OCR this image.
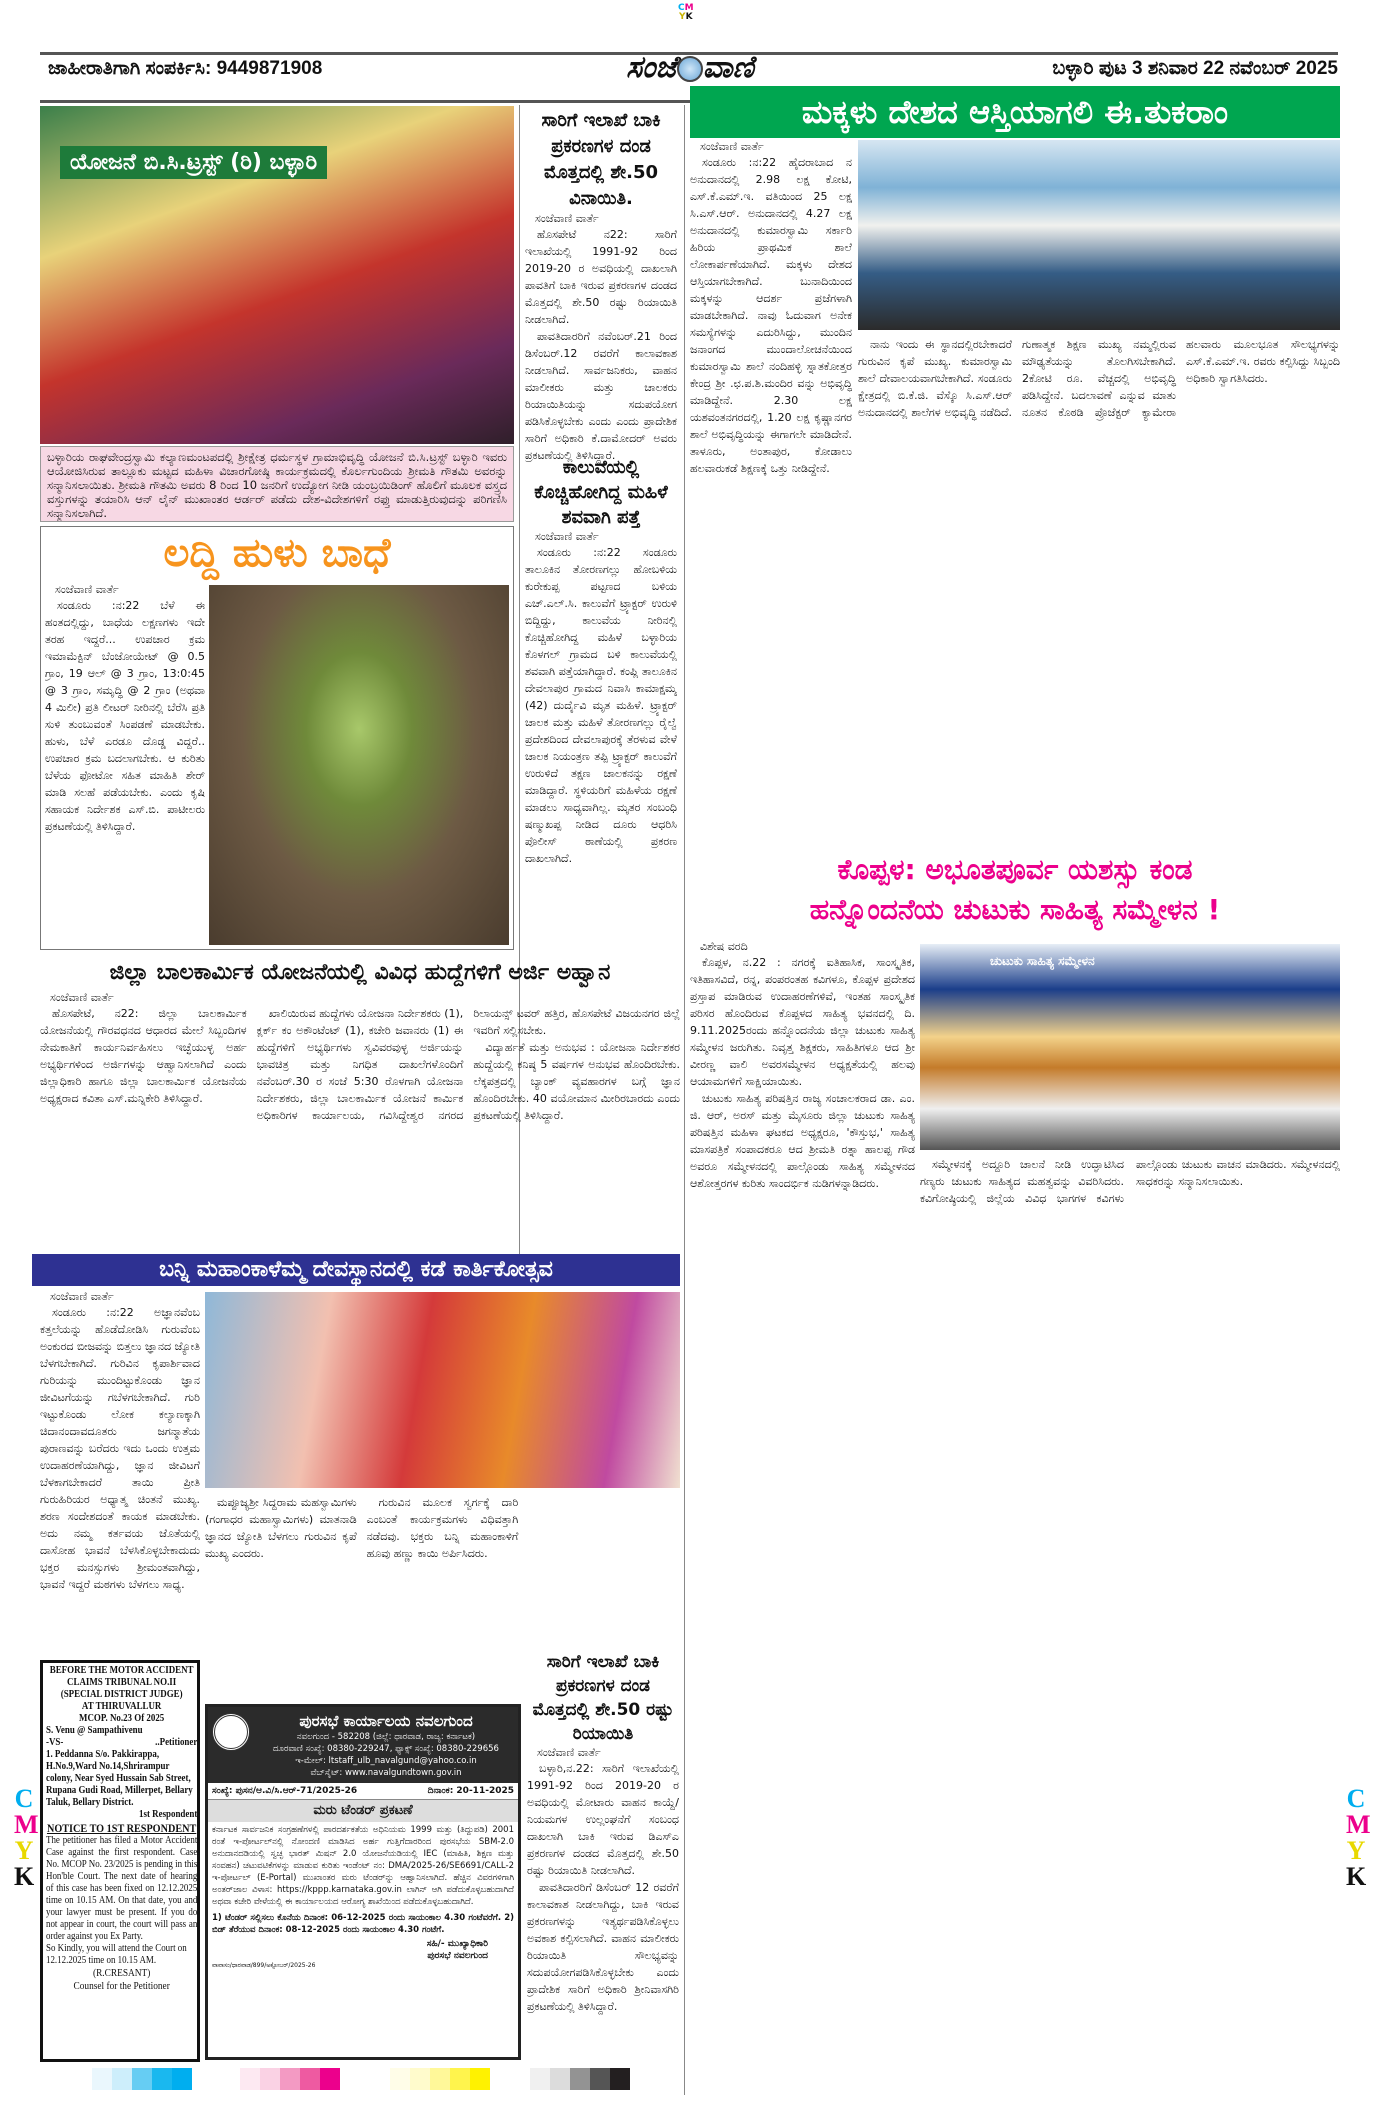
CM
YK
C
M
Y
K
C
M
Y
K
ಜಾಹೀರಾತಿಗಾಗಿ ಸಂಪರ್ಕಿಸಿ: 9449871908	ಸಂಜೆ ವಾಣಿ	ಬಳ್ಳಾರಿ ಪುಟ 3 ಶನಿವಾರ 22 ನವೆಂಬರ್ 2025
ಯೋಜನೆ ಬಿ.ಸಿ.ಟ್ರಸ್ಟ್ (ರಿ) ಬಳ್ಳಾರಿ
ಬಳ್ಳಾರಿಯ ರಾಘವೇಂದ್ರಸ್ವಾಮಿ ಕಲ್ಯಾಣಮಂಟಪದಲ್ಲಿ ಶ್ರೀಕ್ಷೇತ್ರ ಧರ್ಮಸ್ಥಳ ಗ್ರಾಮಾಭಿವೃದ್ಧಿ ಯೋಜನೆ ಬಿ.ಸಿ.ಟ್ರಸ್ಟ್ ಬಳ್ಳಾರಿ ಇವರು ಆಯೋಜಿಸಿರುವ ತಾಲ್ಲೂಕು ಮಟ್ಟದ ಮಹಿಳಾ ವಿಚಾರಗೋಷ್ಠಿ ಕಾರ್ಯಕ್ರಮದಲ್ಲಿ ಕೊರ್ಲಗುಂದಿಯ ಶ್ರೀಮತಿ ಗೌತಮಿ ಅವರನ್ನು ಸನ್ಮಾನಿಸಲಾಯಿತು. ಶ್ರೀಮತಿ ಗೌತಮಿ ಅವರು 8 ರಿಂದ 10 ಜನರಿಗೆ ಉದ್ಯೋಗ ನೀಡಿ ಯಂಬ್ರಯಿಡಿಂಗ್ ಹೊಲಿಗೆ ಮೂಲಕ ವಸ್ತ್ರದ ವಸ್ತುಗಳನ್ನು ತಯಾರಿಸಿ ಆನ್ ಲೈನ್ ಮುಖಾಂತರ ಆರ್ಡರ್ ಪಡೆದು ದೇಶ-ವಿದೇಶಗಳಿಗೆ ರಫ್ತು ಮಾಡುತ್ತಿರುವುದನ್ನು ಪರಿಗಣಿಸಿ ಸನ್ಮಾನಿಸಲಾಗಿದೆ.
ಸಾರಿಗೆ ಇಲಾಖೆ ಬಾಕಿ ಪ್ರಕರಣಗಳ ದಂಡ ಮೊತ್ತದಲ್ಲಿ ಶೇ.50 ವಿನಾಯಿತಿ.
ಸಂಜೆವಾಣಿ ವಾರ್ತೆ

ಹೊಸಪೇಟೆ ನ22: ಸಾರಿಗೆ ಇಲಾಖೆಯಲ್ಲಿ 1991-92 ರಿಂದ 2019-20 ರ ಅವಧಿಯಲ್ಲಿ ದಾಖಲಾಗಿ ಪಾವತಿಗೆ ಬಾಕಿ ಇರುವ ಪ್ರಕರಣಗಳ ದಂಡದ ಮೊತ್ತದಲ್ಲಿ ಶೇ.50 ರಷ್ಟು ರಿಯಾಯಿತಿ ನೀಡಲಾಗಿದೆ.

ಪಾವತಿದಾರರಿಗೆ ನವೆಂಬರ್.21 ರಿಂದ ಡಿಸೆಂಬರ್.12 ರವರೆಗೆ ಕಾಲಾವಕಾಶ ನೀಡಲಾಗಿದೆ. ಸಾರ್ವಜನಿಕರು, ವಾಹನ ಮಾಲೀಕರು ಮತ್ತು ಚಾಲಕರು ರಿಯಾಯಿತಿಯನ್ನು ಸದುಪಯೋಗ ಪಡಿಸಿಕೊಳ್ಳಬೇಕು ಎಂದು ಎಂದು ಪ್ರಾದೇಶಿಕ ಸಾರಿಗೆ ಅಧಿಕಾರಿ ಕೆ.ದಾಮೋದರ್ ಅವರು ಪ್ರಕಟಣೆಯಲ್ಲಿ ತಿಳಿಸಿದ್ದಾರೆ.

ಕಾಲುವೆಯಲ್ಲಿ ಕೊಚ್ಚಿಹೋಗಿದ್ದ ಮಹಿಳೆ ಶವವಾಗಿ ಪತ್ತೆ
ಸಂಜೆವಾಣಿ ವಾರ್ತೆ

ಸಂಡೂರು :ನ:22 ಸಂಡೂರು ತಾಲೂಕಿನ ತೋರಣಗಲ್ಲು ಹೋಬಳಿಯ ಕುರೇಕುಪ್ಪ ಪಟ್ಟಣದ ಬಳಿಯ ಎಚ್.ಎಲ್.ಸಿ. ಕಾಲುವೆಗೆ ಟ್ರ್ಯಾಕ್ಟರ್ ಉರುಳಿ ಬಿದ್ದಿದ್ದು, ಕಾಲುವೆಯ ನೀರಿನಲ್ಲಿ ಕೊಚ್ಚಿಹೋಗಿದ್ದ ಮಹಿಳೆ ಬಳ್ಳಾರಿಯ ಕೊಳಗಲ್ ಗ್ರಾಮದ ಬಳಿ ಕಾಲುವೆಯಲ್ಲಿ ಶವವಾಗಿ ಪತ್ತೆಯಾಗಿದ್ದಾರೆ. ಕಂಪ್ಲಿ ತಾಲೂಕಿನ ದೇವಲಾಪುರ ಗ್ರಾಮದ ನಿವಾಸಿ ಕಾಮಾಕ್ಷಮ್ಮ (42) ದುರ್ದೈವಿ ಮೃತ ಮಹಿಳೆ. ಟ್ರ್ಯಾಕ್ಟರ್ ಚಾಲಕ ಮತ್ತು ಮಹಿಳೆ ತೋರಣಗಲ್ಲು ರೈಲ್ವೆ ಪ್ರದೇಶದಿಂದ ದೇವಲಾಪುರಕ್ಕೆ ತೆರಳುವ ವೇಳೆ ಚಾಲಕ ನಿಯಂತ್ರಣ ತಪ್ಪಿ ಟ್ರ್ಯಾಕ್ಟರ್ ಕಾಲುವೆಗೆ ಉರುಳಿದೆ ತಕ್ಷಣ ಚಾಲಕನನ್ನು ರಕ್ಷಣೆ ಮಾಡಿದ್ದಾರೆ. ಸ್ಥಳಿಯರಿಗೆ ಮಹಿಳೆಯ ರಕ್ಷಣೆ ಮಾಡಲು ಸಾಧ್ಯವಾಗಿಲ್ಲ. ಮೃತರ ಸಂಬಂಧಿ ಷಣ್ಮುಖಪ್ಪ ನೀಡಿದ ದೂರು ಆಧರಿಸಿ ಪೊಲೀಸ್ ಠಾಣೆಯಲ್ಲಿ ಪ್ರಕರಣ ದಾಖಲಾಗಿದೆ.

ಮಕ್ಕಳು ದೇಶದ ಆಸ್ತಿಯಾಗಲಿ ಈ.ತುಕರಾಂ
ಸಂಜೆವಾಣಿ ವಾರ್ತೆ

ಸಂಡೂರು :ನ:22 ಹೈದರಾಬಾದ ನ ಅನುದಾನದಲ್ಲಿ 2.98 ಲಕ್ಷ ಕೋಟಿ, ಎಸ್.ಕೆ.ಎಮ್.ಇ. ವತಿಯಿಂದ 25 ಲಕ್ಷ ಸಿ.ಎಸ್.ಆರ್. ಅನುದಾನದಲ್ಲಿ 4.27 ಲಕ್ಷ ಅನುದಾನದಲ್ಲಿ ಕುಮಾರಸ್ವಾಮಿ ಸರ್ಕಾರಿ ಹಿರಿಯ ಪ್ರಾಥಮಿಕ ಶಾಲೆ ಲೋಕಾರ್ಪಣೆಯಾಗಿದೆ. ಮಕ್ಕಳು ದೇಶದ ಆಸ್ತಿಯಾಗಬೇಕಾಗಿದೆ. ಬುನಾದಿಯಿಂದ ಮಕ್ಕಳನ್ನು ಆದರ್ಶ ಪ್ರಜೆಗಳಾಗಿ ಮಾಡಬೇಕಾಗಿದೆ. ನಾವು ಓದುವಾಗ ಅನೇಕ ಸಮಸ್ಯೆಗಳನ್ನು ಎದುರಿಸಿದ್ದು, ಮುಂದಿನ ಜನಾಂಗದ ಮುಂದಾಲೋಚನೆಯಿಂದ ಕುಮಾರಸ್ವಾಮಿ ಶಾಲೆ ನಂದಿಹಳ್ಳಿ ಸ್ನಾತಕೋತ್ತರ ಕೇಂದ್ರ ಶ್ರೀ .ಛ.ಪ.ಶಿ.ಮಂದಿರ ವನ್ನು ಅಭಿವೃದ್ಧಿ ಮಾಡಿದ್ದೇನೆ. 2.30 ಲಕ್ಷ ಯಶವಂತನಗರದಲ್ಲಿ, 1.20 ಲಕ್ಷ ಕೃಷ್ಣಾನಗರ ಶಾಲೆ ಅಭಿವೃದ್ಧಿಯನ್ನು ಈಗಾಗಲೇ ಮಾಡಿದೇನೆ. ತಾಳೂರು, ಅಂತಾಪುರ, ಕೋಡಾಲು ಹಲವಾರುಕಡೆ ಶಿಕ್ಷಣಕ್ಕೆ ಒತ್ತು ನೀಡಿದ್ದೇನೆ.

ನಾನು ಇಂದು ಈ ಸ್ಥಾನದಲ್ಲಿರಬೇಕಾದರೆ ಗುರುವಿನ ಕೃಪೆ ಮುಖ್ಯ. ಕುಮಾರಸ್ವಾಮಿ ಶಾಲೆ ದೇವಾಲಯವಾಗಬೇಕಾಗಿದೆ. ಸಂಡೂರು ಕ್ಷೇತ್ರದಲ್ಲಿ ಬಿ.ಕೆ.ಜಿ. ವೆಸ್ಕೊ ಸಿ.ಎಸ್.ಆರ್ ಅನುದಾನದಲ್ಲಿ ಶಾಲೆಗಳ ಅಭಿವೃದ್ಧಿ ನಡೆದಿದೆ. ಗುಣಾತ್ಮಕ ಶಿಕ್ಷಣ ಮುಖ್ಯ ನಮ್ಮಲ್ಲಿರುವ ಮೌಢ್ಯತೆಯನ್ನು ತೊಲಗಿಸಬೇಕಾಗಿದೆ. 2ಕೋಟಿ ರೂ. ವೆಚ್ಚದಲ್ಲಿ ಅಭಿವೃದ್ಧಿ ಪಡಿಸಿದ್ದೇನೆ. ಬದಲಾವಣೆ ಎನ್ನುವ ಮಾತು ನೂತನ ಕೊಠಡಿ ಪ್ರೊಜೆಕ್ಟರ್ ಕ್ಯಾಮೇರಾ ಹಲವಾರು ಮೂಲಭೂತ ಸೌಲಭ್ಯಗಳನ್ನು ಎಸ್.ಕೆ.ಎಮ್.ಇ. ರವರು ಕಲ್ಪಿಸಿದ್ದು ಸಿಬ್ಬಂದಿ ಅಧಿಕಾರಿ ಸ್ವಾಗತಿಸಿದರು.

ಕೊಪ್ಪಳ: ಅಭೂತಪೂರ್ವ ಯಶಸ್ಸು ಕಂಡ
ಹನ್ನೊಂದನೆಯ ಚುಟುಕು ಸಾಹಿತ್ಯ ಸಮ್ಮೇಳನ !
ವಿಶೇಷ ವರದಿ

ಕೊಪ್ಪಳ, ನ.22 : ನಗರಕ್ಕೆ ಐತಿಹಾಸಿಕ, ಸಾಂಸ್ಕೃತಿಕ, ಇತಿಹಾಸವಿದೆ, ರನ್ನ, ಪಂಪರಂತಹ ಕವಿಗಳೂ, ಕೊಪ್ಪಳ ಪ್ರದೇಶದ ಪ್ರಸ್ತಾಪ ಮಾಡಿರುವ ಉದಾಹರಣೆಗಳಿವೆ, ಇಂತಹ ಸಾಂಸ್ಕೃತಿಕ ಪರಿಸರ ಹೊಂದಿರುವ ಕೊಪ್ಪಳದ ಸಾಹಿತ್ಯ ಭವನದಲ್ಲಿ ದಿ. 9.11.2025ರಂದು ಹನ್ನೊಂದನೆಯ ಜಿಲ್ಲಾ ಚುಟುಕು ಸಾಹಿತ್ಯ ಸಮ್ಮೇಳನ ಜರುಗಿತು. ನಿವೃತ್ತ ಶಿಕ್ಷಕರು, ಸಾಹಿತಿಗಳೂ ಆದ ಶ್ರೀ ವೀರಣ್ಣ ವಾಲಿ ಅವರಸಮ್ಮೇಳನ ಅಧ್ಯಕ್ಷತೆಯಲ್ಲಿ ಹಲವು ಆಯಾಮಗಳಿಗೆ ಸಾಕ್ಷಿಯಾಯಿತು.

ಚುಟುಕು ಸಾಹಿತ್ಯ ಪರಿಷತ್ತಿನ ರಾಜ್ಯ ಸಂಚಾಲಕರಾದ ಡಾ. ಎಂ. ಜಿ. ಆರ್, ಅರಸ್ ಮತ್ತು ಮೈಸೂರು ಜಿಲ್ಲಾ ಚುಟುಕು ಸಾಹಿತ್ಯ ಪರಿಷತ್ತಿನ ಮಹಿಳಾ ಘಟಕದ ಅಧ್ಯಕ್ಷರೂ, 'ಕೌಸ್ತುಭ,' ಸಾಹಿತ್ಯ ಮಾಸಪತ್ರಿಕೆ ಸಂಪಾದಕರೂ ಆದ ಶ್ರೀಮತಿ ರತ್ನಾ ಹಾಲಪ್ಪ ಗೌಡ ಅವರೂ ಸಮ್ಮೇಳನದಲ್ಲಿ ಪಾಲ್ಗೊಂಡು ಸಾಹಿತ್ಯ ಸಮ್ಮೇಳನದ ಆಶೋತ್ತರಗಳ ಕುರಿತು ಸಾಂದರ್ಭಿಕ ನುಡಿಗಳನ್ನಾಡಿದರು.

ಚುಟುಕು ಸಾಹಿತ್ಯ ಸಮ್ಮೇಳನ

ಸಮ್ಮೇಳನಕ್ಕೆ ಅದ್ದೂರಿ ಚಾಲನೆ ನೀಡಿ ಉದ್ಘಾಟಿಸಿದ ಗಣ್ಯರು ಚುಟುಕು ಸಾಹಿತ್ಯದ ಮಹತ್ವವನ್ನು ವಿವರಿಸಿದರು. ಕವಿಗೋಷ್ಠಿಯಲ್ಲಿ ಜಿಲ್ಲೆಯ ವಿವಿಧ ಭಾಗಗಳ ಕವಿಗಳು ಪಾಲ್ಗೊಂಡು ಚುಟುಕು ವಾಚನ ಮಾಡಿದರು. ಸಮ್ಮೇಳನದಲ್ಲಿ ಸಾಧಕರನ್ನು ಸನ್ಮಾನಿಸಲಾಯಿತು.

ಲದ್ದಿ ಹುಳು ಬಾಧೆ
ಸಂಜೆವಾಣಿ ವಾರ್ತೆ

ಸಂಡೂರು :ನ:22 ಬೆಳೆ ಈ ಹಂತದಲ್ಲಿದ್ದು, ಬಾಧೆಯ ಲಕ್ಷಣಗಳು ಇದೇ ತರಹ ಇದ್ದರೆ... ಉಪಚಾರ ಕ್ರಮ ಇಮಾಮೆಕ್ಟಿನ್ ಬೆಂಜೋಯೇಟ್ @ 0.5 ಗ್ರಾಂ, 19 ಆಲ್ @ 3 ಗ್ರಾಂ, 13:0:45 @ 3 ಗ್ರಾಂ, ಸಮೃದ್ಧಿ @ 2 ಗ್ರಾಂ (ಅಥವಾ 4 ಮಿಲೀ) ಪ್ರತಿ ಲೀಟರ್ ನೀರಿನಲ್ಲಿ ಬೆರೆಸಿ ಪ್ರತಿ ಸುಳಿ ತುಂಬುವಂತೆ ಸಿಂಪಡಣೆ ಮಾಡಬೇಕು. ಹುಳು, ಬೆಳೆ ಎರಡೂ ದೊಡ್ಡ ವಿದ್ದರೆ.. ಉಪಚಾರ ಕ್ರಮ ಬದಲಾಗಬೇಕು. ಆ ಕುರಿತು ಬೆಳೆಯ ಫೋಟೋ ಸಹಿತ ಮಾಹಿತಿ ಶೇರ್ ಮಾಡಿ ಸಲಹೆ ಪಡೆಯಬೇಕು. ಎಂದು ಕೃಷಿ ಸಹಾಯಕ ನಿರ್ದೇಶಕ ಎಸ್.ಬಿ. ಪಾಟೀಲರು ಪ್ರಕಟಣೆಯಲ್ಲಿ ತಿಳಿಸಿದ್ದಾರೆ.

ಜಿಲ್ಲಾ ಬಾಲಕಾರ್ಮಿಕ ಯೋಜನೆಯಲ್ಲಿ ವಿವಿಧ ಹುದ್ದೆಗಳಿಗೆ ಅರ್ಜಿ ಅಹ್ವಾನ
ಸಂಜೆವಾಣಿ ವಾರ್ತೆ

ಹೊಸಪೇಟೆ, ನ22: ಜಿಲ್ಲಾ ಬಾಲಕಾರ್ಮಿಕ ಯೋಜನೆಯಲ್ಲಿ ಗೌರವಧನದ ಆಧಾರದ ಮೇಲೆ ಸಿಬ್ಬಂದಿಗಳ ನೇಮಕಾತಿಗೆ ಕಾರ್ಯನಿರ್ವಹಿಸಲು ಇಚ್ಛೆಯುಳ್ಳ ಅರ್ಹ ಅಭ್ಯರ್ಥಿಗಳಿಂದ ಅರ್ಜಿಗಳನ್ನು ಆಹ್ವಾನಿಸಲಾಗಿದೆ ಎಂದು ಜಿಲ್ಲಾಧಿಕಾರಿ ಹಾಗೂ ಜಿಲ್ಲಾ ಬಾಲಕಾರ್ಮಿಕ ಯೋಜನೆಯ ಅಧ್ಯಕ್ಷರಾದ ಕವಿತಾ ಎಸ್.ಮನ್ನಿಕೇರಿ ತಿಳಿಸಿದ್ದಾರೆ.

ಖಾಲಿಯಿರುವ ಹುದ್ದೆಗಳು ಯೋಜನಾ ನಿರ್ದೇಶಕರು (1), ಕ್ಲರ್ಕ್ ಕಂ ಅಕೌಂಟೆಂಟ್ (1), ಕಚೇರಿ ಜವಾನರು (1) ಈ ಹುದ್ದೆಗಳಿಗೆ ಅಭ್ಯರ್ಥಿಗಳು ಸ್ವವಿವರವುಳ್ಳ ಅರ್ಜಿಯನ್ನು ಭಾವಚಿತ್ರ ಮತ್ತು ನಿಗಧಿತ ದಾಖಲೆಗಳೊಂದಿಗೆ ನವೆಂಬರ್.30 ರ ಸಂಜೆ 5:30 ರೊಳಗಾಗಿ ಯೋಜನಾ ನಿರ್ದೇಶಕರು, ಜಿಲ್ಲಾ ಬಾಲಕಾರ್ಮಿಕ ಯೋಜನೆ ಕಾರ್ಮಿಕ ಅಧಿಕಾರಿಗಳ ಕಾರ್ಯಾಲಯ, ಗವಿಸಿದ್ದೇಶ್ವರ ನಗರದ ರಿಲಾಯನ್ಸ್ ಟವರ್ ಹತ್ತಿರ, ಹೊಸಪೇಟೆ ವಿಜಯನಗರ ಜಿಲ್ಲೆ ಇವರಿಗೆ ಸಲ್ಲಿಸಬೇಕು.

ವಿದ್ಯಾರ್ಹತೆ ಮತ್ತು ಅನುಭವ : ಯೋಜನಾ ನಿರ್ದೇಶಕರ ಹುದ್ದೆಯಲ್ಲಿ ಕನಿಷ್ಠ 5 ವರ್ಷಗಳ ಅನುಭವ ಹೊಂದಿರಬೇಕು. ಲೆಕ್ಕಪತ್ರದಲ್ಲಿ ಬ್ಯಾಂಕ್ ವ್ಯವಹಾರಗಳ ಬಗ್ಗೆ ಜ್ಞಾನ ಹೊಂದಿರಬೇಕು. 40 ವಯೋಮಾನ ಮೀರಿರಬಾರದು ಎಂದು ಪ್ರಕಟಣೆಯಲ್ಲಿ ತಿಳಿಸಿದ್ದಾರೆ.

ಬನ್ನಿ ಮಹಾಂಕಾಳೆಮ್ಮ ದೇವಸ್ಥಾನದಲ್ಲಿ ಕಡೆ ಕಾರ್ತಿಕೋತ್ಸವ
ಸಂಜೆವಾಣಿ ವಾರ್ತೆ

ಸಂಡೂರು :ನ:22 ಅಜ್ಞಾನವೆಂಬ ಕತ್ತಲೆಯನ್ನು ಹೊಡೆದೋಡಿಸಿ ಗುರುವೆಂಬ ಅಂಕುರದ ಬೀಜವನ್ನು ಬಿತ್ತಲು ಜ್ಞಾನದ ಜ್ಯೋತಿ ಬೆಳಗಬೇಕಾಗಿದೆ. ಗುರಿವಿನ ಕೃಪಾರ್ಶಿವಾದ ಗುರಿಯನ್ನು ಮುಂದಿಟ್ಟುಕೊಂಡು ಜ್ಞಾನ ಜೀವಿಟಗೆಯನ್ನು ಗಬೆಳಗಬೇಕಾಗಿದೆ. ಗುರಿ ಇಟ್ಟುಕೊಂಡು ಲೋಕ ಕಲ್ಯಾಣಕ್ಕಾಗಿ ಚಿದಾನಂದಾವದೂತರು ಜಗನ್ಮಾತೆಯ ಪುರಾಣವನ್ನು ಬರೆದರು ಇದು ಒಂದು ಉತ್ತಮ ಉದಾಹರಣೆಯಾಗಿದ್ದು, ಜ್ಞಾನ ಜೀವಿಟಗೆ ಬೆಳಕಾಗಬೇಕಾದರೆ ತಾಯಿ ಪ್ರೀತಿ ಗುರುಹಿರಿಯರ ಅಧ್ಯಾತ್ಮ ಚಿಂತನೆ ಮುಖ್ಯ. ಶರಣ ಸಂದೇಶದಂತೆ ಕಾಯಕ ಮಾಡಬೇಕು. ಅದು ನಮ್ಮ ಕರ್ತವಯ ಜೊತೆಯಲ್ಲಿ ದಾಸೋಹ ಭಾವನೆ ಬೆಳಸಿಕೊಳ್ಳಬೇಕಾದುದು ಭಕ್ತರ ಮನಸ್ಸುಗಳು ಶ್ರೀಮಂತವಾಗಿದ್ದು, ಭಾವನೆ ಇದ್ದರೆ ಮಠಗಳು ಬೆಳಗಲು ಸಾಧ್ಯ.

ಮಪ್ಪೂಜ್ಯಶ್ರೀ ಸಿದ್ದರಾಮ ಮಹಸ್ವಾಮಿಗಳು (ಗಂಗಾಧರ ಮಹಾಸ್ವಾಮಿಗಳು) ಮಾತನಾಡಿ ಜ್ಞಾನದ ಜ್ಯೋತಿ ಬೆಳಗಲು ಗುರುವಿನ ಕೃಪೆ ಮುಖ್ಯ ಎಂದರು.

ಗುರುವಿನ ಮೂಲಕ ಸ್ವರ್ಗಕ್ಕೆ ದಾರಿ ಎಂಬಂತೆ ಕಾರ್ಯಕ್ರಮಗಳು ವಿಧಿವತ್ತಾಗಿ ನಡೆದವು. ಭಕ್ತರು ಬನ್ನಿ ಮಹಾಂಕಾಳಿಗೆ ಹೂವು ಹಣ್ಣು ಕಾಯಿ ಅರ್ಪಿಸಿದರು.

BEFORE THE MOTOR ACCIDENT CLAIMS TRIBUNAL NO.II
(SPECIAL DISTRICT JUDGE)
AT THIRUVALLUR
MCOP. No.23 Of 2025
S. Venu @ Sampathivenu
-VS-	..Petitioner
1. Peddanna S/o. Pakkirappa, H.No.9,Ward No.14,Shrirampur colony, Near Syed Hussain Sab Street, Rupana Gudi Road, Millerpet, Bellary Taluk, Bellary District.
1st Respondent
NOTICE TO 1ST RESPONDENT
The petitioner has filed a Motor Accident Case against the first respondent. Case No. MCOP No. 23/2025 is pending in this Hon'ble Court. The next date of hearing of this case has been fixed on 12.12.2025 time on 10.15 AM. On that date, you and your lawyer must be present. If you do not appear in court, the court will pass an order against you Ex Party.
So Kindly, you will attend the Court on 12.12.2025 time on 10.15 AM.
(R.CRESANT)
Counsel for the Petitioner
ಪುರಸಭೆ ಕಾರ್ಯಾಲಯ ನವಲಗುಂದ
ನವಲಗುಂದ - 582208 (ಜಿಲ್ಲೆ: ಧಾರವಾಡ, ರಾಜ್ಯ: ಕರ್ನಾಟಕ)
ದೂರವಾಣಿ ಸಂಖ್ಯೆ: 08380-229247, ಫ್ಯಾಕ್ಸ್ ಸಂಖ್ಯೆ: 08380-229656
ಇ-ಮೇಲ್: ltstaff_ulb_navalgund@yahoo.co.in
ವೆಬ್‌ಸೈಟ್: www.navalgundtown.gov.in
ಸಂಖ್ಯೆ: ಪುಸನ/ಆ.ವಿ/ಸಿ.ಆರ್-71/2025-26	ದಿನಾಂಕ: 20-11-2025
ಮರು ಟೆಂಡರ್ ಪ್ರಕಟಣೆ
ಕರ್ನಾಟಕ ಸಾರ್ವಜನಿಕ ಸಂಗ್ರಹಣೆಗಳಲ್ಲಿ ಪಾರದರ್ಶಕತೆಯ ಅಧಿನಿಯಮ 1999 ಮತ್ತು (ತಿದ್ದುಪಡಿ) 2001 ರಂತೆ ಇ-ಪೋರ್ಟಲ್‌ನಲ್ಲಿ ನೋಂದಣಿ ಮಾಡಿಸಿದ ಅರ್ಹ ಗುತ್ತಿಗೆದಾರರಿಂದ ಪುರಸಭೆಯ SBM-2.0 ಅನುದಾನದಡಿಯಲ್ಲಿ ಸ್ವಚ್ಛ ಭಾರತ್ ಮಿಷನ್ 2.0 ಯೋಜನೆಯಡಿಯಲ್ಲಿ IEC (ಮಾಹಿತಿ, ಶಿಕ್ಷಣ ಮತ್ತು ಸಂವಹನ) ಚಟುವಟಿಕೆಗಳನ್ನು ಮಾಡುವ ಕುರಿತು ಇಂಡೆಂಟ್ ನಂ: DMA/2025-26/SE6691/CALL-2 ಇ-ಪೋರ್ಟಲ್ (E-Portal) ಮುಖಾಂತರ ಮರು ಟೆಂಡರ್‌ನ್ನು ಆಹ್ವಾನಿಸಲಾಗಿದೆ. ಹೆಚ್ಚಿನ ವಿವರಗಳಿಗಾಗಿ ಅಂತರ್‌ಜಾಲ ವಿಳಾಸ: https://kppp.karnataka.gov.in ಲಾಗಿನ್ ಆಗಿ ಪಡೆದುಕೊಳ್ಳಬಹುದಾಗಿದೆ ಅಥವಾ ಕಚೇರಿ ವೇಳೆಯಲ್ಲಿ ಈ ಕಾರ್ಯಾಲಯದ ಆರೋಗ್ಯ ಶಾಖೆಯಿಂದ ಪಡೆದುಕೊಳ್ಳಬಹುದಾಗಿದೆ.
1) ಟೆಂಡರ್ ಸಲ್ಲಿಸಲು ಕೊನೆಯ ದಿನಾಂಕ: 06-12-2025 ರಂದು ಸಾಯಂಕಾಲ 4.30 ಗಂಟೆವರೆಗೆ. 2) ಬಿಡ್ ತೆರೆಯುವ ದಿನಾಂಕ: 08-12-2025 ರಂದು ಸಾಯಂಕಾಲ 4.30 ಗಂಟೆಗೆ.
ಸಹಿ/- ಮುಖ್ಯಾಧಿಕಾರಿ
ಪುರಸಭೆ ನವಲಗುಂದ
ವಾವಾಸಂ/ಧಾರವಾಡ/899/ಅಕ್ಟೋಬರ್/2025-26
ಸಾರಿಗೆ ಇಲಾಖೆ ಬಾಕಿ ಪ್ರಕರಣಗಳ ದಂಡ ಮೊತ್ತದಲ್ಲಿ ಶೇ.50 ರಷ್ಟು ರಿಯಾಯಿತಿ
ಸಂಜೆವಾಣಿ ವಾರ್ತೆ

ಬಳ್ಳಾರಿ,ನ.22: ಸಾರಿಗೆ ಇಲಾಖೆಯಲ್ಲಿ 1991-92 ರಿಂದ 2019-20 ರ ಅವಧಿಯಲ್ಲಿ ಮೋಟಾರು ವಾಹನ ಕಾಯ್ದೆ/ನಿಯಮಗಳ ಉಲ್ಲಂಘನೆಗೆ ಸಂಬಂಧ ದಾಖಲಾಗಿ ಬಾಕಿ ಇರುವ ಡಿಎಸ್‌ಎ ಪ್ರಕರಣಗಳ ದಂಡದ ಮೊತ್ತದಲ್ಲಿ ಶೇ.50 ರಷ್ಟು ರಿಯಾಯಿತಿ ನೀಡಲಾಗಿದೆ.

ಪಾವತಿದಾರರಿಗೆ ಡಿಸೆಂಬರ್ 12 ರವರೆಗೆ ಕಾಲಾವಕಾಶ ನೀಡಲಾಗಿದ್ದು, ಬಾಕಿ ಇರುವ ಪ್ರಕರಣಗಳನ್ನು ಇತ್ಯರ್ಥಪಡಿಸಿಕೊಳ್ಳಲು ಅವಕಾಶ ಕಲ್ಪಿಸಲಾಗಿದೆ. ವಾಹನ ಮಾಲೀಕರು ರಿಯಾಯಿತಿ ಸೌಲಭ್ಯವನ್ನು ಸದುಪಯೋಗಪಡಿಸಿಕೊಳ್ಳಬೇಕು ಎಂದು ಪ್ರಾದೇಶಿಕ ಸಾರಿಗೆ ಅಧಿಕಾರಿ ಶ್ರೀನಿವಾಸಗಿರಿ ಪ್ರಕಟಣೆಯಲ್ಲಿ ತಿಳಿಸಿದ್ದಾರೆ.
